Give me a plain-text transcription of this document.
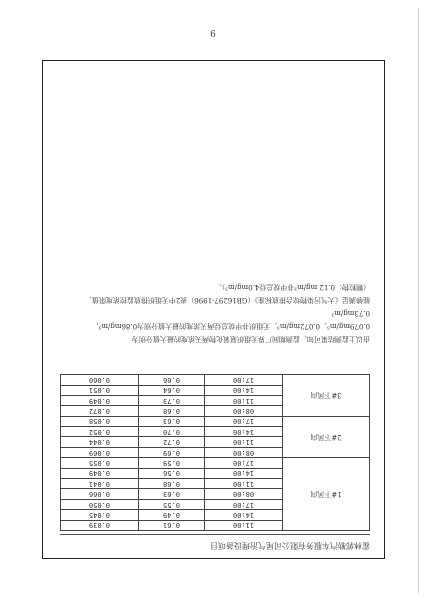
6
霍林郭勒汽车服务有限公司尾气治理设备项目
1#下风向	11:00	0.61	0.039
	14:00	0.49	0.045
	17:00	0.55	0.050
	08:00	0.63	0.066
	11:00	0.68	0.041
	14:00	0.56	0.049
	17:00	0.59	0.055
2#下风向	08:00	0.69	0.069
	11:00	0.72	0.044
	14:00	0.70	0.052
	17:00	0.63	0.058
3#下风向	08:00	0.68	0.072
	11:00	0.73	0.049
	14:00	0.64	0.051
	17:00	0.66	0.060
由以上监测结果可知，监测期间厂界无组织氨氧化物两天浓度的最大值分别为
0.079mg/m³，0.072mg/m³，无组织非甲烷总烃两天浓度的最大值分别为0.86mg/m³，0.73mg/m³
能够满足《大气污染物综合排放标准》（GB16297-1996）表2中无组织排放监控浓度限值，
（颗粒物：0.12 mg/m³非甲烷总烃4.0mg/m³）。
